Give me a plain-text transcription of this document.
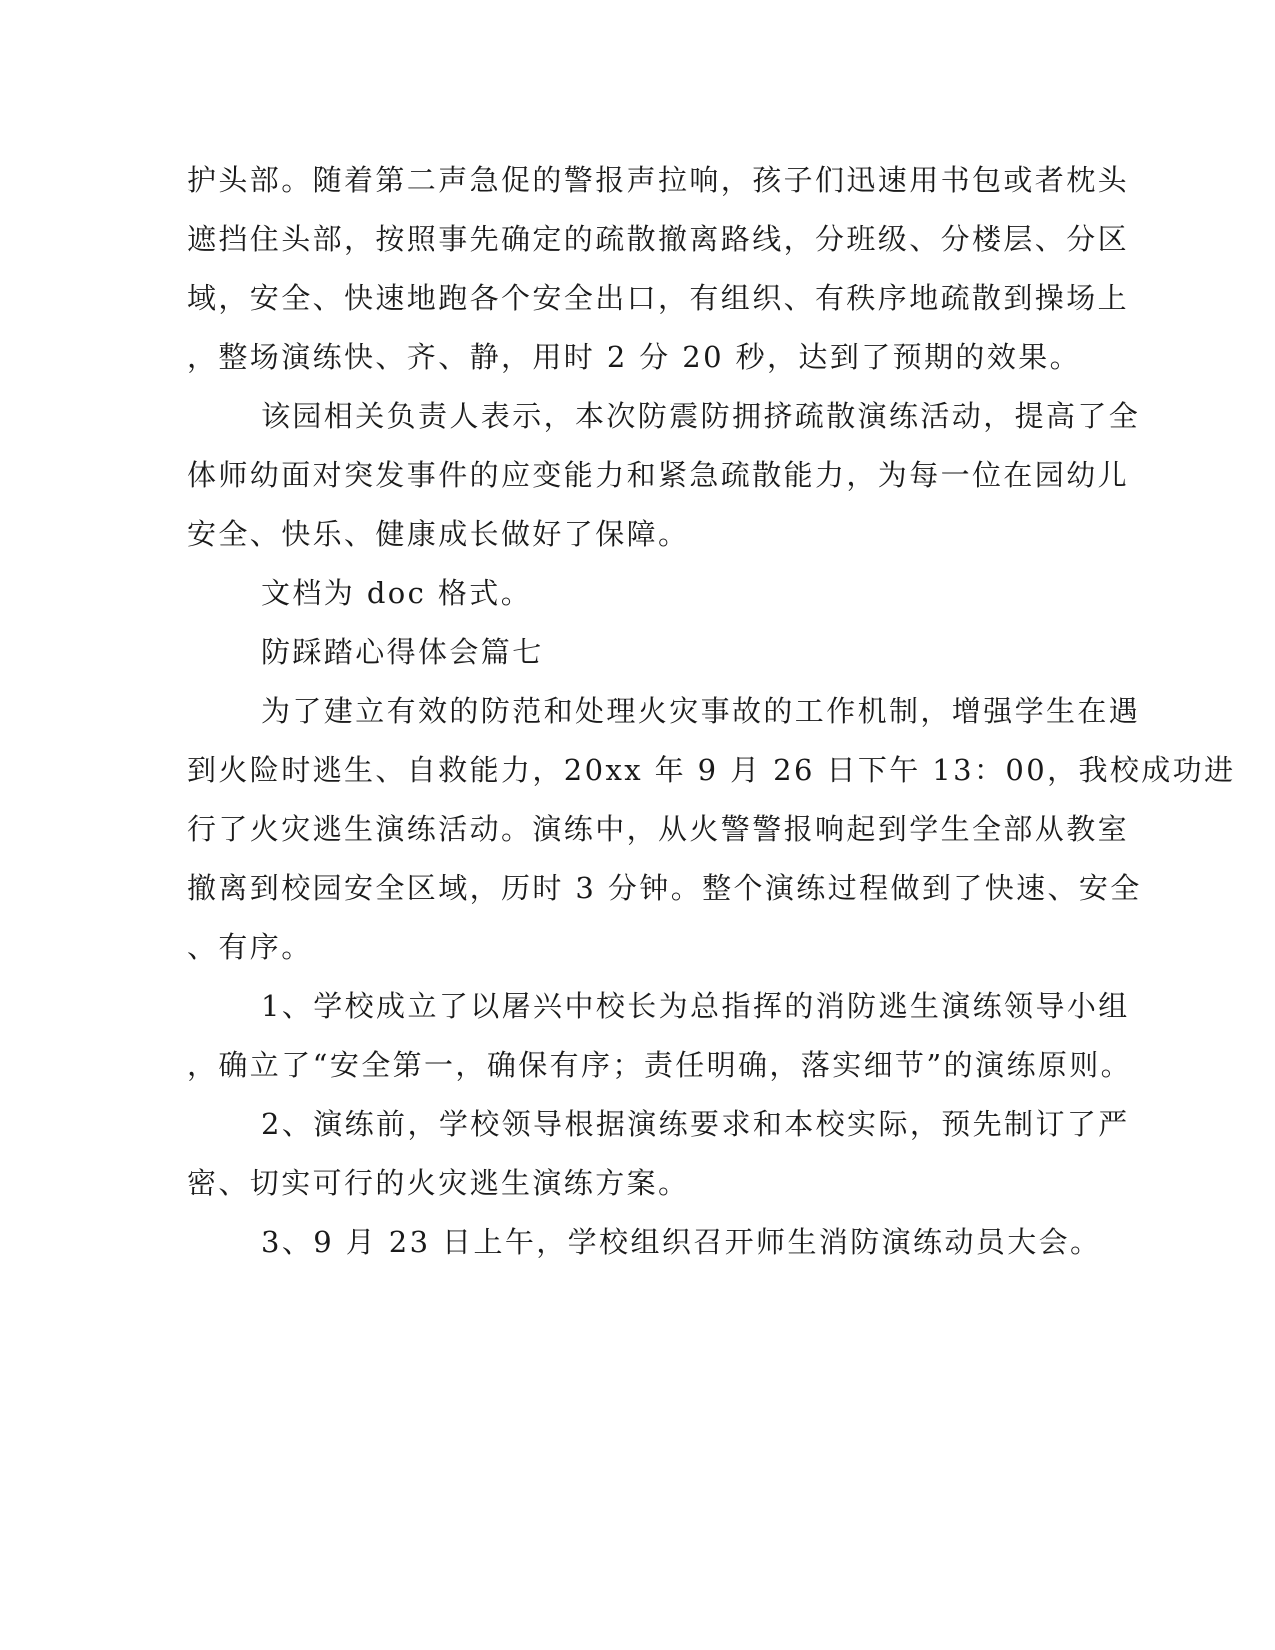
护头部。随着第二声急促的警报声拉响，孩子们迅速用书包或者枕头
遮挡住头部，按照事先确定的疏散撤离路线，分班级、分楼层、分区
域，安全、快速地跑各个安全出口，有组织、有秩序地疏散到操场上
，整场演练快、齐、静，用时 2 分 20 秒，达到了预期的效果。
该园相关负责人表示，本次防震防拥挤疏散演练活动，提高了全
体师幼面对突发事件的应变能力和紧急疏散能力，为每一位在园幼儿
安全、快乐、健康成长做好了保障。
文档为 doc 格式。
防踩踏心得体会篇七
为了建立有效的防范和处理火灾事故的工作机制，增强学生在遇
到火险时逃生、自救能力，20xx 年 9 月 26 日下午 13：00，我校成功进
行了火灾逃生演练活动。演练中，从火警警报响起到学生全部从教室
撤离到校园安全区域，历时 3 分钟。整个演练过程做到了快速、安全
、有序。
1、学校成立了以屠兴中校长为总指挥的消防逃生演练领导小组
，确立了“安全第一，确保有序；责任明确，落实细节”的演练原则。
2、演练前，学校领导根据演练要求和本校实际，预先制订了严
密、切实可行的火灾逃生演练方案。
3、9 月 23 日上午，学校组织召开师生消防演练动员大会。
